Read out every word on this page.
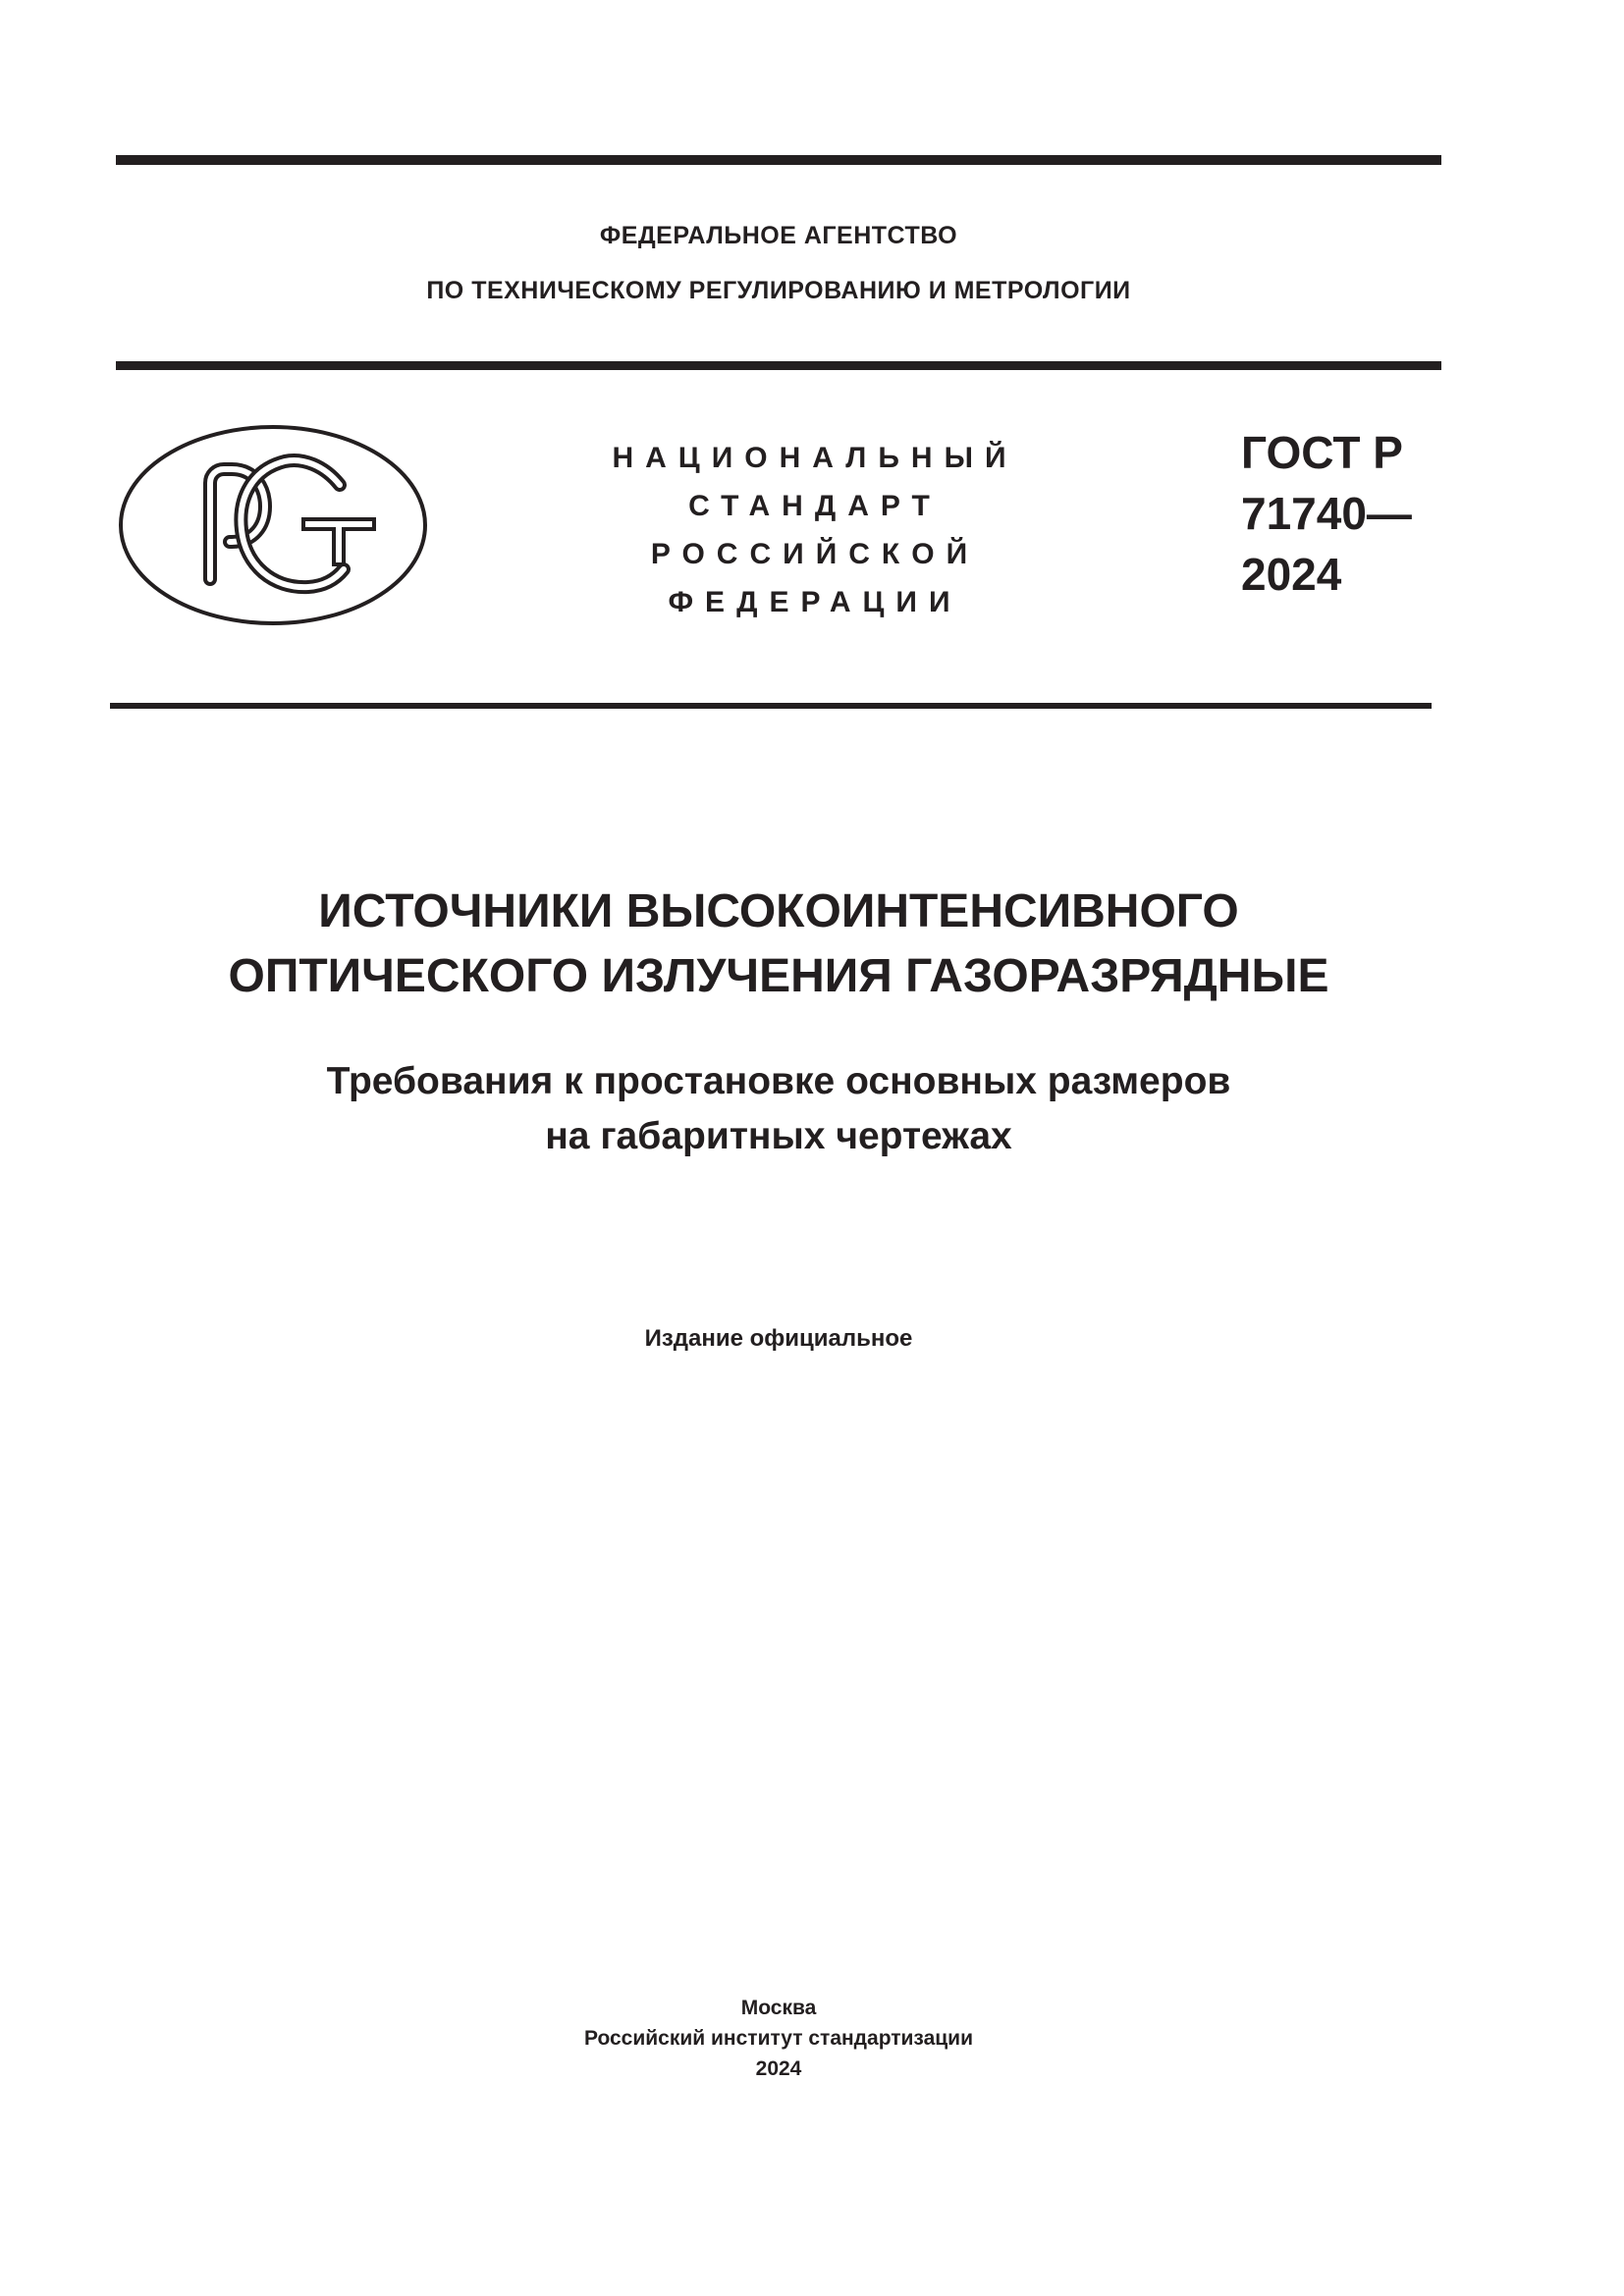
ФЕДЕРАЛЬНОЕ АГЕНТСТВО
ПО ТЕХНИЧЕСКОМУ РЕГУЛИРОВАНИЮ И МЕТРОЛОГИИ
НАЦИОНАЛЬНЫЙ
СТАНДАРТ
РОССИЙСКОЙ
ФЕДЕРАЦИИ
ГОСТ Р
71740—
2024
ИСТОЧНИКИ ВЫСОКОИНТЕНСИВНОГО
ОПТИЧЕСКОГО ИЗЛУЧЕНИЯ ГАЗОРАЗРЯДНЫЕ
Требования к простановке основных размеров
на габаритных чертежах
Издание официальное
Москва
Российский институт стандартизации
2024
